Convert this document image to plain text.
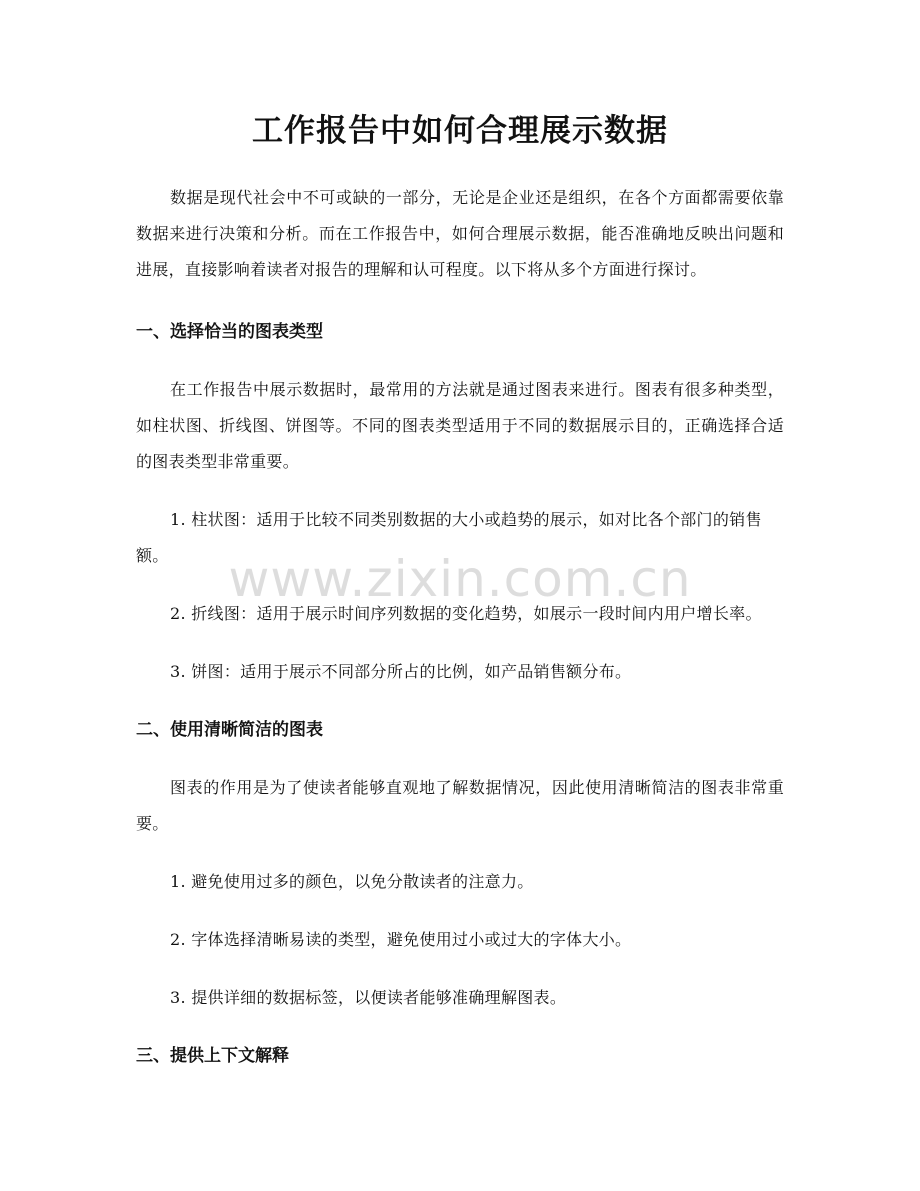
工作报告中如何合理展示数据

数据是现代社会中不可或缺的一部分，无论是企业还是组织，在各个方面都需要依靠数据来进行决策和分析。而在工作报告中，如何合理展示数据，能否准确地反映出问题和进展，直接影响着读者对报告的理解和认可程度。以下将从多个方面进行探讨。

一、选择恰当的图表类型

在工作报告中展示数据时，最常用的方法就是通过图表来进行。图表有很多种类型，如柱状图、折线图、饼图等。不同的图表类型适用于不同的数据展示目的，正确选择合适的图表类型非常重要。

1. 柱状图：适用于比较不同类别数据的大小或趋势的展示，如对比各个部门的销售额。

2. 折线图：适用于展示时间序列数据的变化趋势，如展示一段时间内用户增长率。

3. 饼图：适用于展示不同部分所占的比例，如产品销售额分布。

二、使用清晰简洁的图表

图表的作用是为了使读者能够直观地了解数据情况，因此使用清晰简洁的图表非常重要。

1. 避免使用过多的颜色，以免分散读者的注意力。

2. 字体选择清晰易读的类型，避免使用过小或过大的字体大小。

3. 提供详细的数据标签，以便读者能够准确理解图表。

三、提供上下文解释
www.zixin.com.cn
